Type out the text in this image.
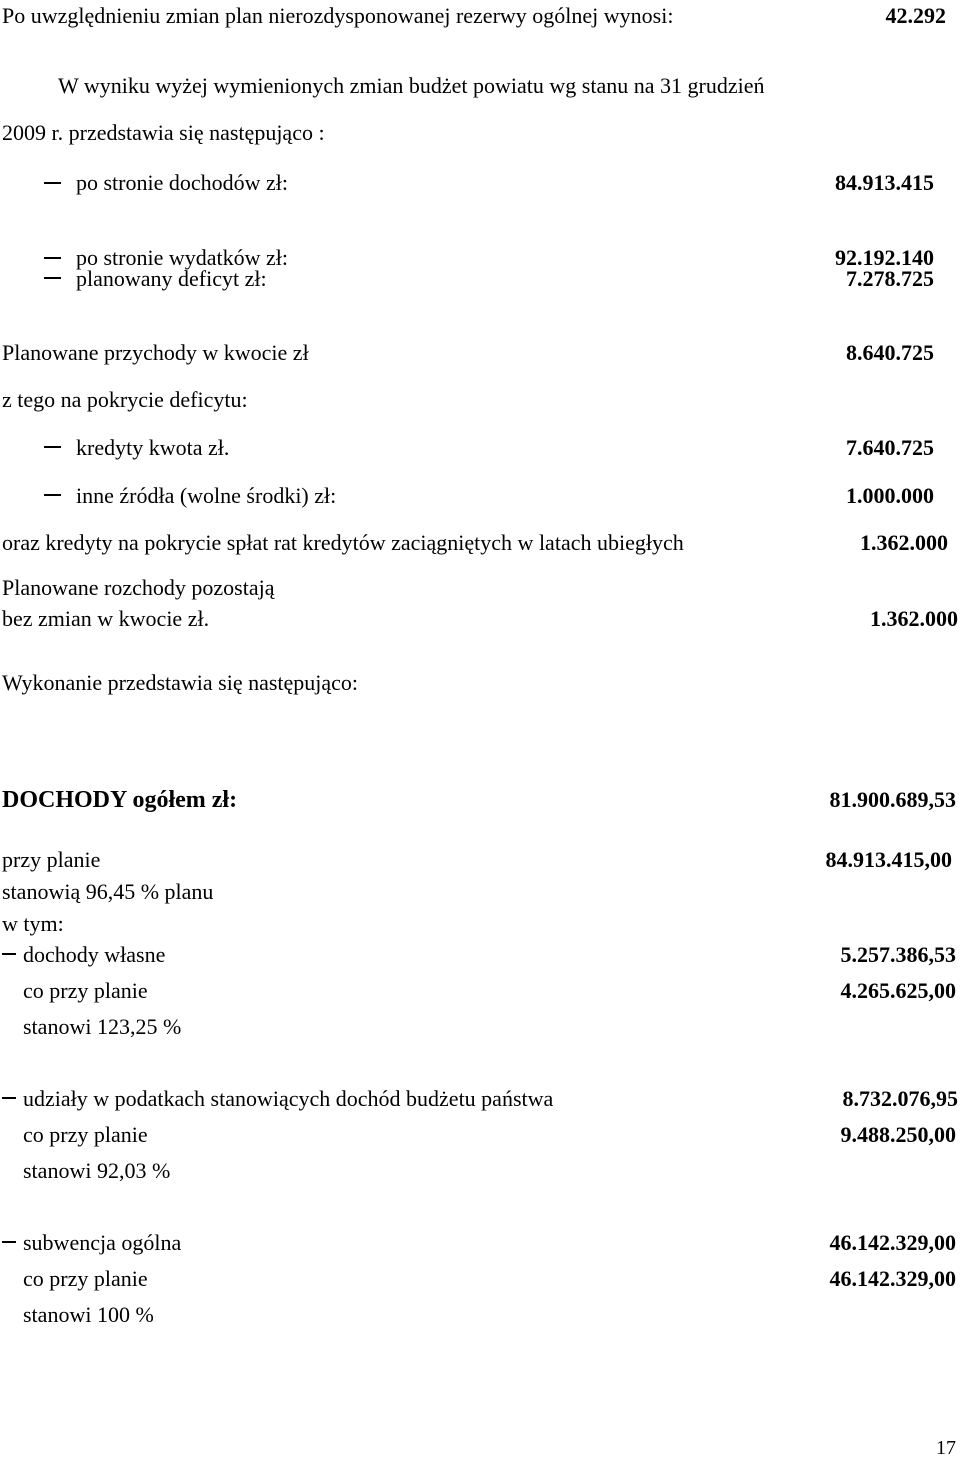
Po uwzględnieniu zmian plan nierozdysponowanej rezerwy ogólnej wynosi:	42.292
W wyniku wyżej wymienionych zmian budżet powiatu wg stanu na 31 grudzień
2009 r. przedstawia się następująco :
po stronie dochodów zł:	84.913.415
po stronie wydatków zł:	92.192.140
planowany deficyt zł:	7.278.725
Planowane przychody w kwocie zł	8.640.725
z tego na pokrycie deficytu:
kredyty kwota zł.	7.640.725
inne źródła (wolne środki) zł:	1.000.000
oraz kredyty na pokrycie spłat rat kredytów zaciągniętych w latach ubiegłych	1.362.000
Planowane rozchody pozostają
bez zmian w kwocie zł.	1.362.000
Wykonanie przedstawia się następująco:
DOCHODY ogółem zł:	81.900.689,53
przy planie	84.913.415,00
stanowią 96,45 % planu
w tym:
dochody własne	5.257.386,53
co przy planie	4.265.625,00
stanowi 123,25 %
udziały w podatkach stanowiących dochód budżetu państwa	8.732.076,95
co przy planie	9.488.250,00
stanowi 92,03 %
subwencja ogólna	46.142.329,00
co przy planie	46.142.329,00
stanowi 100 %
17
